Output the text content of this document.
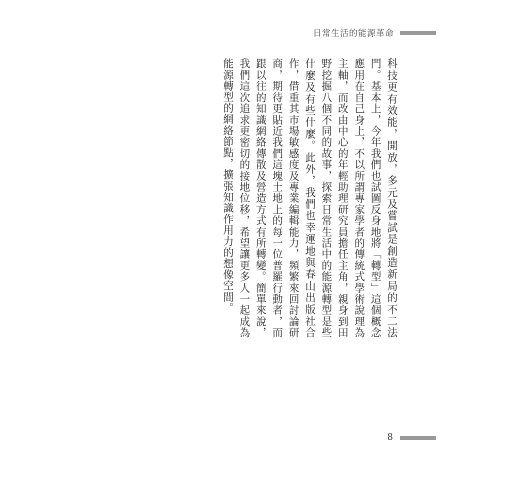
日常生活的能源革命

科技更有效能，開放，多元及嘗試是創造新局的不二法門。基本上，今年我們也試圖反身地將「轉型」這個概念應用在自己身上，不以所謂專家學者的傳統式學術說理為主軸，而改由中心的年輕助理研究員擔任主角，親身到田野挖掘八個不同的故事，探索日常生活中的能源轉型是些什麼及有些什麼。此外，我們也幸運地與春山出版社合作，借重其市場敏感度及專業編輯能力，頻繁來回討論研商，期待更貼近我們這塊土地上的每一位普羅行動者，而跟以往的知識網絡傳散及營造方式有所轉變。簡單來說，我們這次追求更密切的接地位移，希望讓更多人一起成為能源轉型的網絡節點，擴張知識作用力的想像空間。

8
